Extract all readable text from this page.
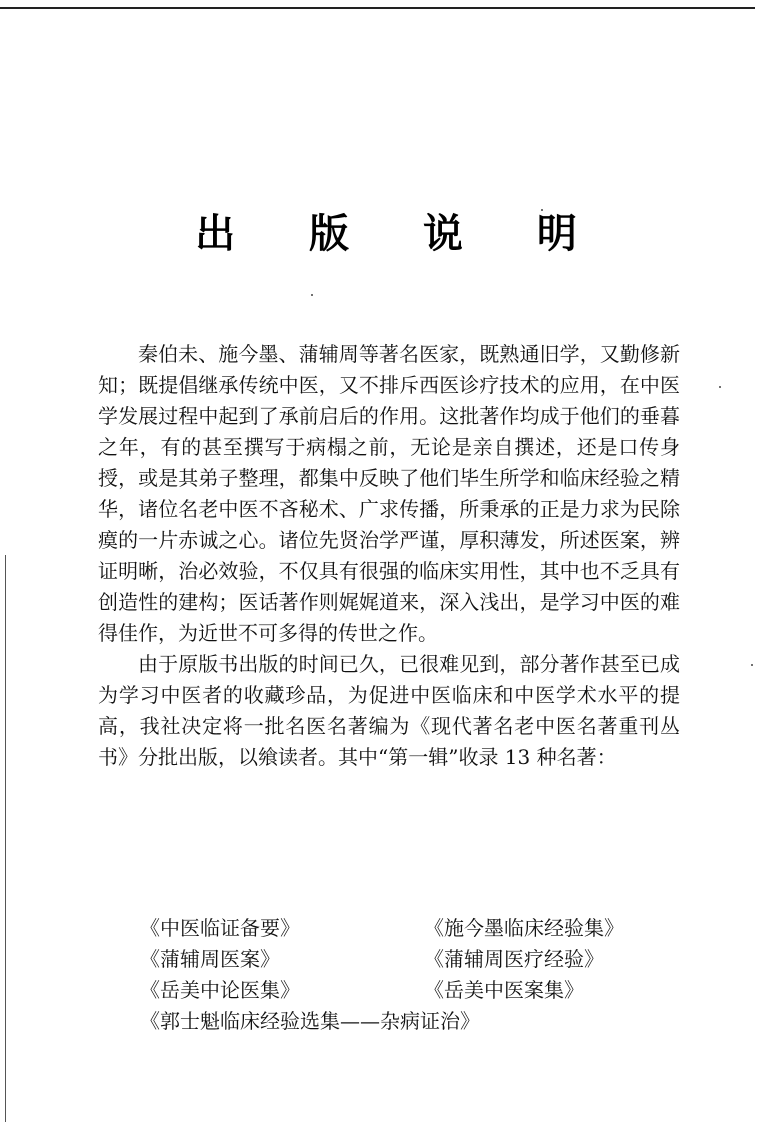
出 版 说 明

秦伯未、施今墨、蒲辅周等著名医家，既熟通旧学，又勤修新知；既提倡继承传统中医，又不排斥西医诊疗技术的应用，在中医学发展过程中起到了承前启后的作用。这批著作均成于他们的垂暮之年，有的甚至撰写于病榻之前，无论是亲自撰述，还是口传身授，或是其弟子整理，都集中反映了他们毕生所学和临床经验之精华，诸位名老中医不吝秘术、广求传播，所秉承的正是力求为民除瘼的一片赤诚之心。诸位先贤治学严谨，厚积薄发，所述医案，辨证明晰，治必效验，不仅具有很强的临床实用性，其中也不乏具有创造性的建构；医话著作则娓娓道来，深入浅出，是学习中医的难得佳作，为近世不可多得的传世之作。

由于原版书出版的时间已久，已很难见到，部分著作甚至已成为学习中医者的收藏珍品，为促进中医临床和中医学术水平的提高，我社决定将一批名医名著编为《现代著名老中医名著重刊丛书》分批出版，以飨读者。其中“第一辑”收录 13 种名著：

《中医临证备要》	《施今墨临床经验集》
《蒲辅周医案》	《蒲辅周医疗经验》
《岳美中论医集》	《岳美中医案集》
《郭士魁临床经验选集——杂病证治》
